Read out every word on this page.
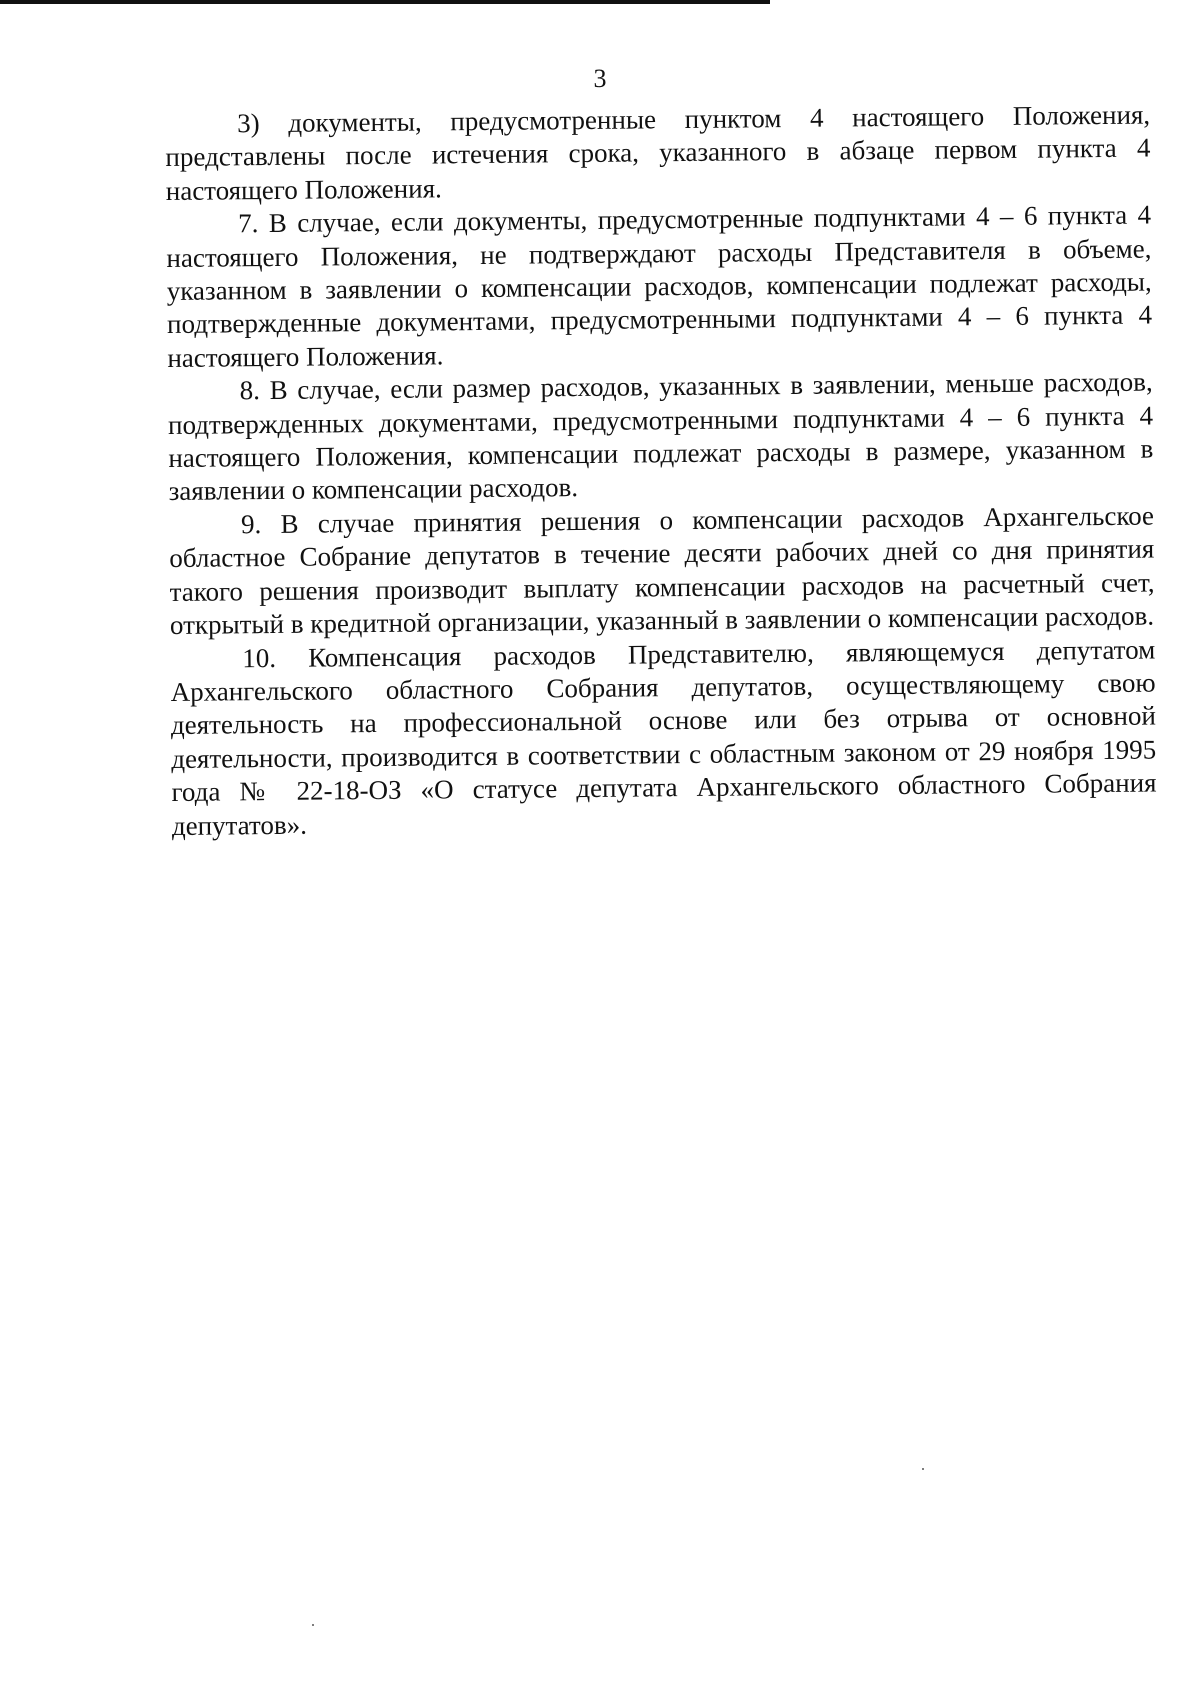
3

3) документы, предусмотренные пунктом 4 настоящего Положения, представлены после истечения срока, указанного в абзаце первом пункта 4 настоящего Положения.

7. В случае, если документы, предусмотренные подпунктами 4 – 6 пункта 4 настоящего Положения, не подтверждают расходы Представителя в объеме, указанном в заявлении о компенсации расходов, компенсации подлежат расходы, подтвержденные документами, предусмотренными подпунктами 4 – 6 пункта 4 настоящего Положения.

8. В случае, если размер расходов, указанных в заявлении, меньше расходов, подтвержденных документами, предусмотренными подпунктами 4 – 6 пункта 4 настоящего Положения, компенсации подлежат расходы в размере, указанном в заявлении о компенсации расходов.

9. В случае принятия решения о компенсации расходов Архангельское областное Собрание депутатов в течение десяти рабочих дней со дня принятия такого решения производит выплату компенсации расходов на расчетный счет, открытый в кредитной организации, указанный в заявлении о компенсации расходов.

10. Компенсация расходов Представителю, являющемуся депутатом Архангельского областного Собрания депутатов, осуществляющему свою деятельность на профессиональной основе или без отрыва от основной деятельности, производится в соответствии с областным законом от 29 ноября 1995 года № 22-18-ОЗ «О статусе депутата Архангельского областного Собрания депутатов».
